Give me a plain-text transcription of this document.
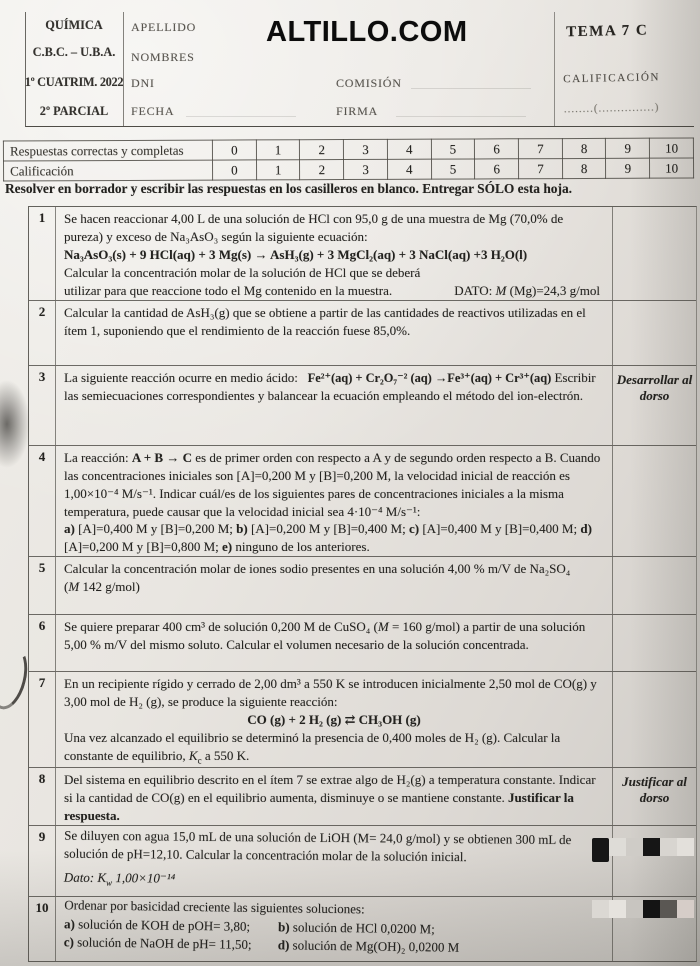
ALTILLO.COM
QUÍMICA
C.B.C. – U.B.A.
1º CUATRIM. 2022
2º PARCIAL
APELLIDO
NOMBRES
DNI
FECHA
COMISIÓN
FIRMA
TEMA 7 C
CALIFICACIÓN
........(...............)
Respuestas correctas y completas	0	1	2	3	4	5	6	7	8	9	10
Calificación	0	1	2	3	4	5	6	7	8	9	10
Resolver en borrador y escribir las respuestas en los casilleros en blanco. Entregar SÓLO esta hoja.
1	Se hacen reaccionar 4,00 L de una solución de HCl con 95,0 g de una muestra de Mg (70,0% de pureza) y exceso de Na₃AsO₃ según la siguiente ecuación:

Na₃AsO₃(s) + 9 HCl(aq) + 3 Mg(s) → AsH₃(g) + 3 MgCl₂(aq) + 3 NaCl(aq) +3 H₂O(l)

Calcular la concentración molar de la solución de HCl que se deberá utilizar para que reaccione todo el Mg contenido en la muestra.	DATO: M (Mg)=24,3 g/mol

2	Calcular la cantidad de AsH₃(g) que se obtiene a partir de las cantidades de reactivos utilizadas en el ítem 1, suponiendo que el rendimiento de la reacción fuese 85,0%.

3	La siguiente reacción ocurre en medio ácido: Fe²⁺(aq) + Cr₂O₇⁻² (aq) →Fe³⁺(aq) + Cr³⁺(aq) Escribir las semiecuaciones correspondientes y balancear la ecuación empleando el método del ion-electrón.

Desarrollar al dorso
4	La reacción: A + B → C es de primer orden con respecto a A y de segundo orden respecto a B. Cuando las concentraciones iniciales son [A]=0,200 M y [B]=0,200 M, la velocidad inicial de reacción es 1,00×10⁻⁴ M/s⁻¹. Indicar cuál/es de los siguientes pares de concentraciones iniciales a la misma temperatura, puede causar que la velocidad inicial sea 4·10⁻⁴ M/s⁻¹:

a) [A]=0,400 M y [B]=0,200 M; b) [A]=0,200 M y [B]=0,400 M; c) [A]=0,400 M y [B]=0,400 M; d) [A]=0,200 M y [B]=0,800 M; e) ninguno de los anteriores.

5	Calcular la concentración molar de iones sodio presentes en una solución 4,00 % m/V de Na₂SO₄

(M 142 g/mol)

6	Se quiere preparar 400 cm³ de solución 0,200 M de CuSO₄ (M = 160 g/mol) a partir de una solución 5,00 % m/V del mismo soluto. Calcular el volumen necesario de la solución concentrada.

7	En un recipiente rígido y cerrado de 2,00 dm³ a 550 K se introducen inicialmente 2,50 mol de CO(g) y 3,00 mol de H₂ (g), se produce la siguiente reacción:

CO (g) + 2 H₂ (g) ⇄ CH₃OH (g)

Una vez alcanzado el equilibrio se determinó la presencia de 0,400 moles de H₂ (g). Calcular la constante de equilibrio, $K_c$ a 550 K.

8	Del sistema en equilibrio descrito en el ítem 7 se extrae algo de H₂(g) a temperatura constante. Indicar si la cantidad de CO(g) en el equilibrio aumenta, disminuye o se mantiene constante. Justificar la respuesta.

Justificar al dorso
9	Se diluyen con agua 15,0 mL de una solución de LiOH (M= 24,0 g/mol) y se obtienen 300 mL de solución de pH=12,10. Calcular la concentración molar de la solución inicial.

Dato: $K_w$ 1,00×10⁻¹⁴

10	Ordenar por basicidad creciente las siguientes soluciones:

a) solución de KOH de pOH= 3,80;	b) solución de HCl 0,0200 M;
c) solución de NaOH de pH= 11,50;	d) solución de Mg(OH)₂ 0,0200 M
